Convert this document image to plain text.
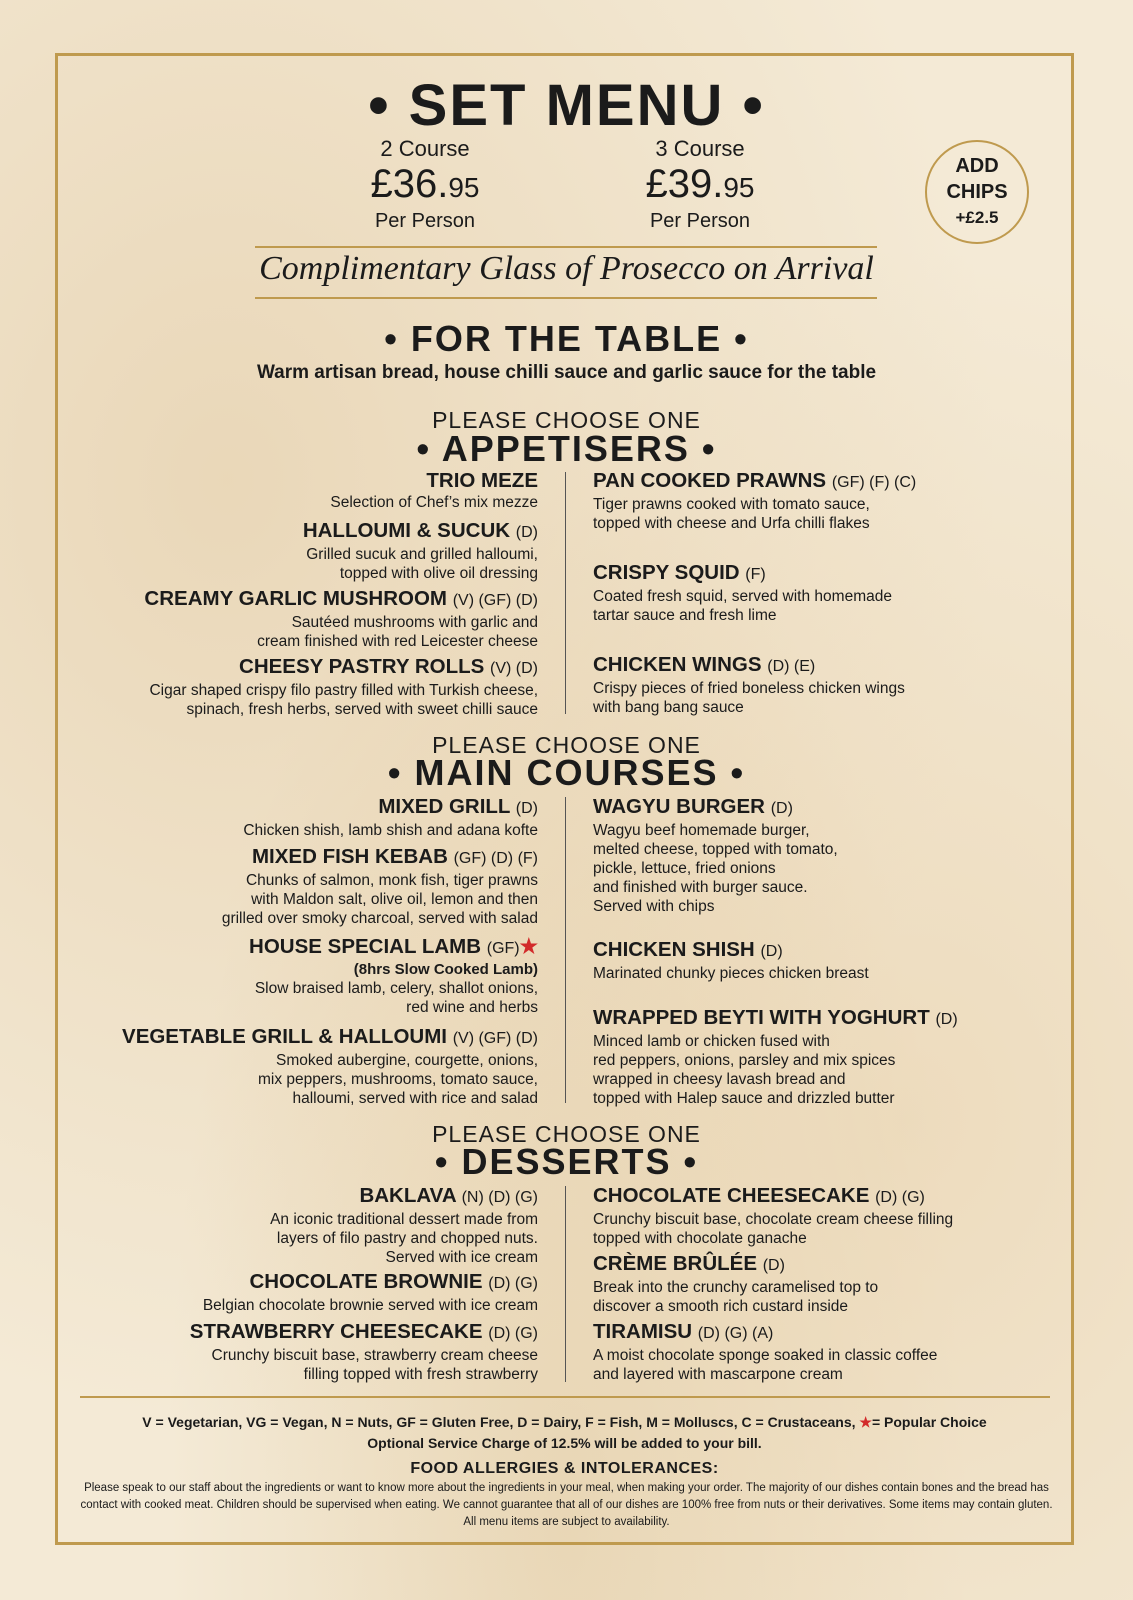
• SET MENU •
2 Course
£36.95
Per Person
3 Course
£39.95
Per Person
ADD
CHIPS
+£2.5
Complimentary Glass of Prosecco on Arrival
• FOR THE TABLE •
Warm artisan bread, house chilli sauce and garlic sauce for the table
PLEASE CHOOSE ONE
• APPETISERS •
TRIO MEZE
Selection of Chef’s mix mezze
HALLOUMI & SUCUK (D)
Grilled sucuk and grilled halloumi,
topped with olive oil dressing
CREAMY GARLIC MUSHROOM (V) (GF) (D)
Sautéed mushrooms with garlic and
cream finished with red Leicester cheese
CHEESY PASTRY ROLLS (V) (D)
Cigar shaped crispy filo pastry filled with Turkish cheese,
spinach, fresh herbs, served with sweet chilli sauce
PAN COOKED PRAWNS (GF) (F) (C)
Tiger prawns cooked with tomato sauce,
topped with cheese and Urfa chilli flakes
CRISPY SQUID (F)
Coated fresh squid, served with homemade
tartar sauce and fresh lime
CHICKEN WINGS (D) (E)
Crispy pieces of fried boneless chicken wings
with bang bang sauce
PLEASE CHOOSE ONE
• MAIN COURSES •
MIXED GRILL (D)
Chicken shish, lamb shish and adana kofte
MIXED FISH KEBAB (GF) (D) (F)
Chunks of salmon, monk fish, tiger prawns
with Maldon salt, olive oil, lemon and then
grilled over smoky charcoal, served with salad
HOUSE SPECIAL LAMB (GF)★
(8hrs Slow Cooked Lamb)
Slow braised lamb, celery, shallot onions,
red wine and herbs
VEGETABLE GRILL & HALLOUMI (V) (GF) (D)
Smoked aubergine, courgette, onions,
mix peppers, mushrooms, tomato sauce,
halloumi, served with rice and salad
WAGYU BURGER (D)
Wagyu beef homemade burger,
melted cheese, topped with tomato,
pickle, lettuce, fried onions
and finished with burger sauce.
Served with chips
CHICKEN SHISH (D)
Marinated chunky pieces chicken breast
WRAPPED BEYTI WITH YOGHURT (D)
Minced lamb or chicken fused with
red peppers, onions, parsley and mix spices
wrapped in cheesy lavash bread and
topped with Halep sauce and drizzled butter
PLEASE CHOOSE ONE
• DESSERTS •
BAKLAVA (N) (D) (G)
An iconic traditional dessert made from
layers of filo pastry and chopped nuts.
Served with ice cream
CHOCOLATE BROWNIE (D) (G)
Belgian chocolate brownie served with ice cream
STRAWBERRY CHEESECAKE (D) (G)
Crunchy biscuit base, strawberry cream cheese
filling topped with fresh strawberry
CHOCOLATE CHEESECAKE (D) (G)
Crunchy biscuit base, chocolate cream cheese filling
topped with chocolate ganache
CRÈME BRÛLÉE (D)
Break into the crunchy caramelised top to
discover a smooth rich custard inside
TIRAMISU (D) (G) (A)
A moist chocolate sponge soaked in classic coffee
and layered with mascarpone cream
V = Vegetarian, VG = Vegan, N = Nuts, GF = Gluten Free, D = Dairy, F = Fish, M = Molluscs, C = Crustaceans, ★= Popular Choice
Optional Service Charge of 12.5% will be added to your bill.
FOOD ALLERGIES & INTOLERANCES:
Please speak to our staff about the ingredients or want to know more about the ingredients in your meal, when making your order. The majority of our dishes contain bones and the bread has contact with cooked meat. Children should be supervised when eating. We cannot guarantee that all of our dishes are 100% free from nuts or their derivatives. Some items may contain gluten. All menu items are subject to availability.
